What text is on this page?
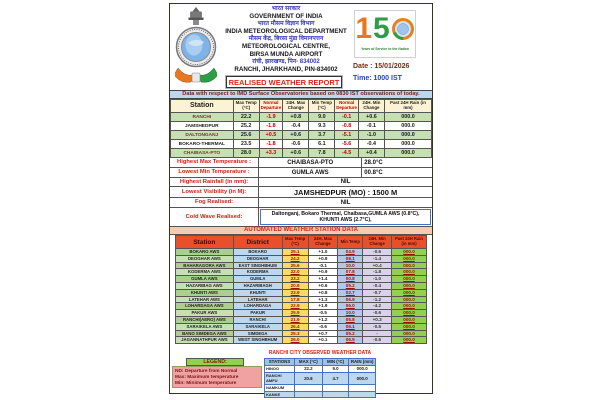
भारत सरकार
GOVERNMENT OF INDIA
भारत मौसम विज्ञान विभाग
INDIA METEOROLOGICAL DEPARTMENT
मौसम केंद्र, बिरसा मुंडा विमानपत्तन
METEOROLOGICAL CENTRE,
BIRSA MUNDA AIRPORT
रांची, झारखण्ड, पिन- 834002
RANCHI, JHARKHAND, PIN-834002
1 5
Years of Service to the Nation
Date : 15/01/2026
Time: 1000 IST
REALISED WEATHER REPORT
Data with respect to IMD Surface Observatories based on 0830 IST observations of today.
Station	Max Temp (°C)	Normal Departure	24H. Max Change	Min Temp (°C)	Normal Departure	24H. Min Change	Past 24H Rain (in mm)
RANCHI	22.2	-1.9	+0.8	9.0	-0.1	+0.6	000.0
JAMSHEDPUR	25.2	-1.8	-0.4	9.3	-0.8	-0.1	000.0
DALTONGANJ	25.6	+0.5	+0.6	3.7	-5.1	-1.0	000.0
BOKARO-THERMAL	23.5	-1.8	-0.6	6.1	-5.6	-0.4	000.0
CHAIBASA-PTO	28.0	+3.3	+0.6	7.8	-4.5	+0.4	000.0
Highest Max Temperature :	CHAIBASA-PTO	28.0°C
Lowest Min Temperature :	GUMLA AWS	00.8°C
Highest Rainfall (in mm):	NIL
Lowest Visibility (in M):	JAMSHEDPUR (MO) : 1500 M
Fog Realised:	NIL
Cold Wave Realised:	Daltonganj, Bokaro Thermal, Chaibasa,GUMLA AWS (0.8°C), KHUNTI AWS (2.7°C),
AUTOMATED WEATHER STATION DATA
Station	District	Max Temp (°C)	24H. Max Change	Min Temp	24H. Min Change	Past 24H Rain (in mm)
BOKARO AWS	BOKARO	25.1	+1.0	04.9	-0.6	000.0
DEOGHAR AWS	DEOGHAR	24.2	+0.9	08.1	-1.4	000.0
BAHARAGORA AWS	EAST SINGHBHUM	25.6	-0.1	10.0	+0.4	000.0
KODERMA AWS	KODERMA	22.0	+0.9	07.8	-1.8	000.0
GUMLA AWS	GUMLA	23.2	+1.4	00.8	-1.0	000.0
HAZARIBAG AWS	HAZARIBAGH	20.9	+0.6	05.2	-0.4	000.0
KHUNTI AWS	KHUNTI	23.9	+0.8	02.7	-0.7	000.0
LATEHAR AWS	LATEHAR	17.8	+1.3	06.9	-1.2	000.0
LOHARDAGA AWS	LOHARDAGA	22.9	+1.9	06.0	-4.2	000.0
PAKUR AWS	PAKUR	25.9	-0.5	10.0	-0.6	000.0
RANCHI(AERO) AWS	RANCHI	21.9	+1.2	05.8	+0.3	000.0
SARAIKELA AWS	SARAIKELA	26.4	-0.6	06.1	-0.5	000.0
BANO SIMDEGA AWS	SIMDEGA	25.3	+0.7	05.2	-	000.0
JAGANNATHPUR AWS	WEST SINGHBHUM	26.0	+0.1	06.5	-0.5	000.0
LEGEND:
ND: Departure from Normal
Max: Maximum temperature
Min: Minimum temperature
RANCHI CITY OBSERVED WEATHER DATA
STATIONS	MAX (°C)	MIN (°C)	RAIN (mm)
HINOO	22.2	9.0	000.0
RANCHI AMFU	20.8	4.7	000.0
NAMKUM			
KANKE			
